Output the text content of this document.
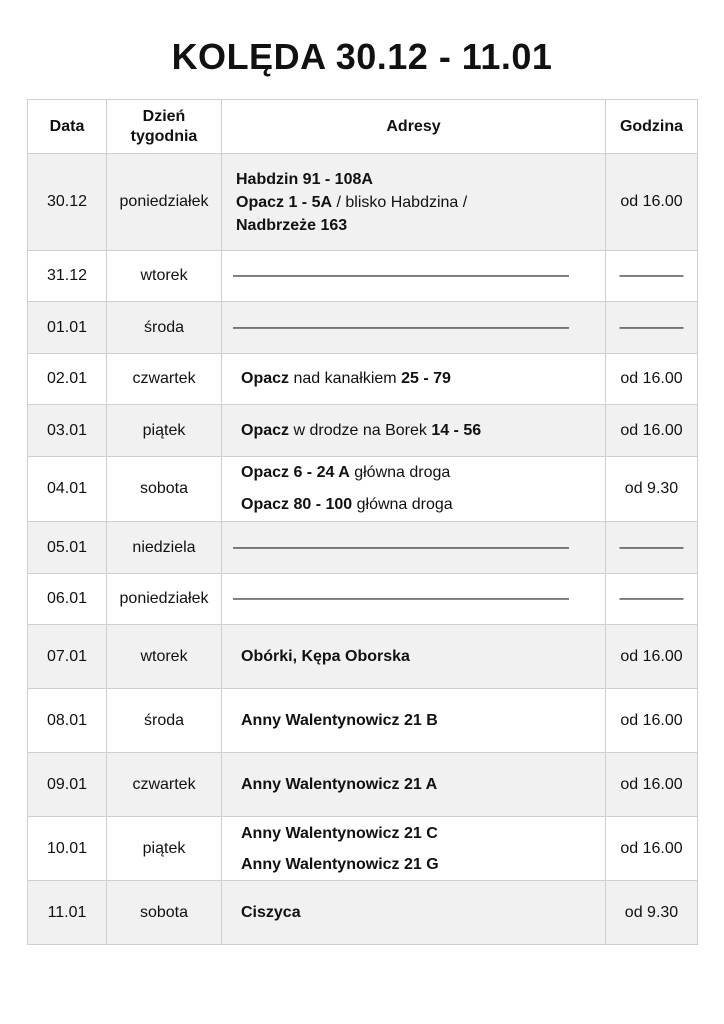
KOLĘDA 30.12 - 11.01
Data	Dzień
tygodnia	Adresy	Godzina
30.12	poniedziałek	Habdzin 91 - 108A
Opacz 1 - 5A / blisko Habdzina /
Nadbrzeże 163	od 16.00
31.12	wtorek	—————————————————————	————

01.01	środa	—————————————————————	————

02.01	czwartek	Opacz nad kanałkiem 25 - 79	od 16.00
03.01	piątek	Opacz w drodze na Borek 14 - 56	od 16.00
04.01	sobota	Opacz 6 - 24 A główna droga
Opacz 80 - 100 główna droga	od 9.30
05.01	niedziela	—————————————————————	————

06.01	poniedziałek	—————————————————————	————

07.01	wtorek	Obórki, Kępa Oborska	od 16.00
08.01	środa	Anny Walentynowicz 21 B	od 16.00
09.01	czwartek	Anny Walentynowicz 21 A	od 16.00
10.01	piątek	Anny Walentynowicz 21 C
Anny Walentynowicz 21 G	od 16.00
11.01	sobota	Ciszyca	od 9.30
